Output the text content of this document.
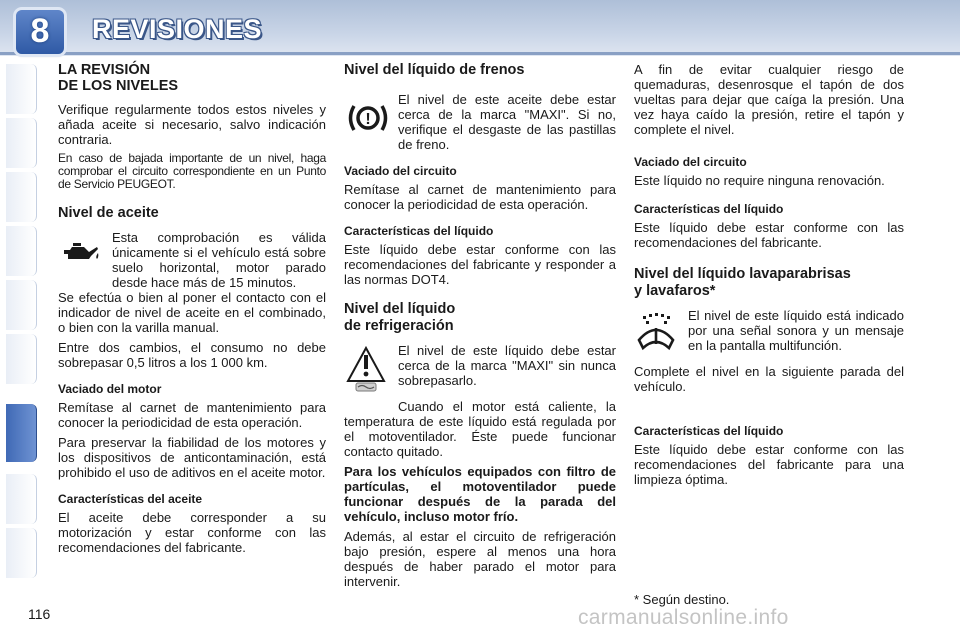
8	REVISIONES
LA REVISIÓN
DE LOS NIVELES
Verifique regularmente todos estos niveles y añada aceite si necesario, salvo indicación contraria.
En caso de bajada importante de un nivel, haga comprobar el circuito correspondiente en un Punto de Servicio PEUGEOT.
Nivel de aceite
Esta comprobación es válida únicamente si el vehículo está sobre suelo horizontal, motor parado desde hace más de 15 minutos.
Se efectúa o bien al poner el contacto con el indicador de nivel de aceite en el combinado, o bien con la varilla manual.
Entre dos cambios, el consumo no debe sobrepasar 0,5 litros a los 1 000 km.
Vaciado del motor
Remítase al carnet de mantenimiento para conocer la periodicidad de esta operación.
Para preservar la fiabilidad de los motores y los dispositivos de anticontaminación, está prohibido el uso de aditivos en el aceite motor.
Características del aceite
El aceite debe corresponder a su motorización y estar conforme con las recomendaciones del fabricante.
Nivel del líquido de frenos
!
El nivel de este aceite debe estar cerca de la marca "MAXI". Si no, verifique el desgaste de las pastillas de freno.
Vaciado del circuito
Remítase al carnet de mantenimiento para conocer la periodicidad de esta operación.
Características del líquido
Este líquido debe estar conforme con las recomendaciones del fabricante y responder a las normas DOT4.
Nivel del líquido
de refrigeración
El nivel de este líquido debe estar cerca de la marca "MAXI" sin nunca sobrepasarlo.
Cuando el motor está caliente, la temperatura de este líquido está regulada por el motoventilador. Éste puede funcionar contacto quitado.
Para los vehículos equipados con filtro de partículas, el motoventilador puede funcionar después de la parada del vehículo, incluso motor frío.
Además, al estar el circuito de refrigeración bajo presión, espere al menos una hora después de haber parado el motor para intervenir.
A fin de evitar cualquier riesgo de quemaduras, desenrosque el tapón de dos vueltas para dejar que caíga la presión. Una vez haya caído la presión, retire el tapón y complete el nivel.
Vaciado del circuito
Este líquido no require ninguna renovación.
Características del líquido
Este líquido debe estar conforme con las recomendaciones del fabricante.
Nivel del líquido lavaparabrisas
y lavafaros*
El nivel de este líquido está indicado por una señal sonora y un mensaje en la pantalla multifunción.
Complete el nivel en la siguiente parada del vehículo.
Características del líquido
Este líquido debe estar conforme con las recomendaciones del fabricante para una limpieza óptima.
116
* Según destino.
carmanualsonline.info
